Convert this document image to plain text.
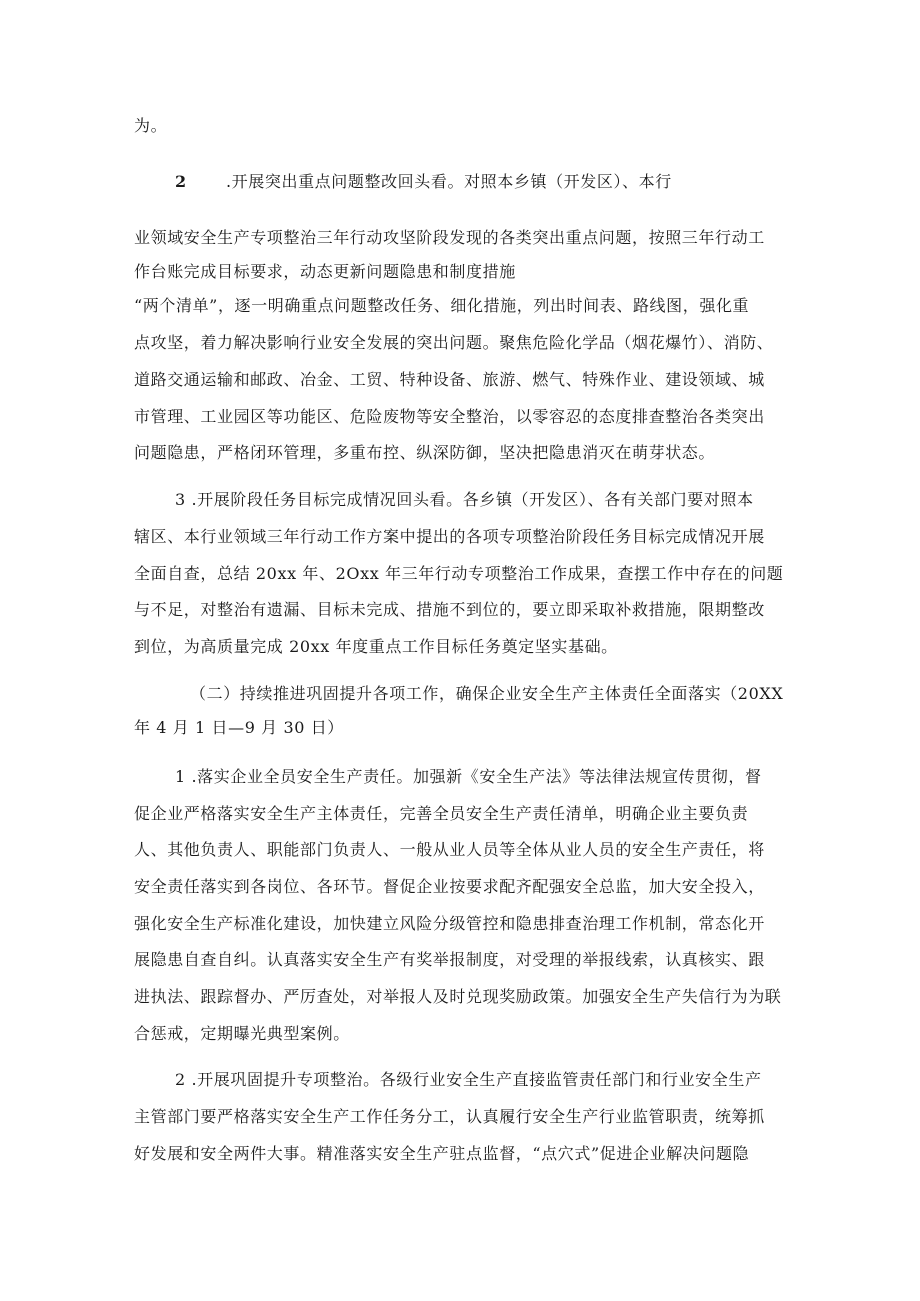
为。
2 .开展突出重点问题整改回头看。对照本乡镇（开发区）、本行
业领域安全生产专项整治三年行动攻坚阶段发现的各类突出重点问题，按照三年行动工
作台账完成目标要求，动态更新问题隐患和制度措施
“两个清单”，逐一明确重点问题整改任务、细化措施，列出时间表、路线图，强化重
点攻坚，着力解决影响行业安全发展的突出问题。聚焦危险化学品（烟花爆竹）、消防、
道路交通运输和邮政、冶金、工贸、特种设备、旅游、燃气、特殊作业、建设领域、城
市管理、工业园区等功能区、危险废物等安全整治，以零容忍的态度排查整治各类突出
问题隐患，严格闭环管理，多重布控、纵深防御，坚决把隐患消灭在萌芽状态。
3 .开展阶段任务目标完成情况回头看。各乡镇（开发区）、各有关部门要对照本
辖区、本行业领域三年行动工作方案中提出的各项专项整治阶段任务目标完成情况开展
全面自查，总结 20xx 年、2Oxx 年三年行动专项整治工作成果，查摆工作中存在的问题
与不足，对整治有遗漏、目标未完成、措施不到位的，要立即采取补救措施，限期整改
到位，为高质量完成 20xx 年度重点工作目标任务奠定坚实基础。
（二）持续推进巩固提升各项工作，确保企业安全生产主体责任全面落实（20XX
年 4 月 1 日—9 月 30 日）
1 .落实企业全员安全生产责任。加强新《安全生产法》等法律法规宣传贯彻，督
促企业严格落实安全生产主体责任，完善全员安全生产责任清单，明确企业主要负责
人、其他负责人、职能部门负责人、一般从业人员等全体从业人员的安全生产责任，将
安全责任落实到各岗位、各环节。督促企业按要求配齐配强安全总监，加大安全投入，
强化安全生产标准化建设，加快建立风险分级管控和隐患排查治理工作机制，常态化开
展隐患自查自纠。认真落实安全生产有奖举报制度，对受理的举报线索，认真核实、跟
进执法、跟踪督办、严厉查处，对举报人及时兑现奖励政策。加强安全生产失信行为为联
合惩戒，定期曝光典型案例。
2 .开展巩固提升专项整治。各级行业安全生产直接监管责任部门和行业安全生产
主管部门要严格落实安全生产工作任务分工，认真履行安全生产行业监管职责，统筹抓
好发展和安全两件大事。精准落实安全生产驻点监督，“点穴式”促进企业解决问题隐
